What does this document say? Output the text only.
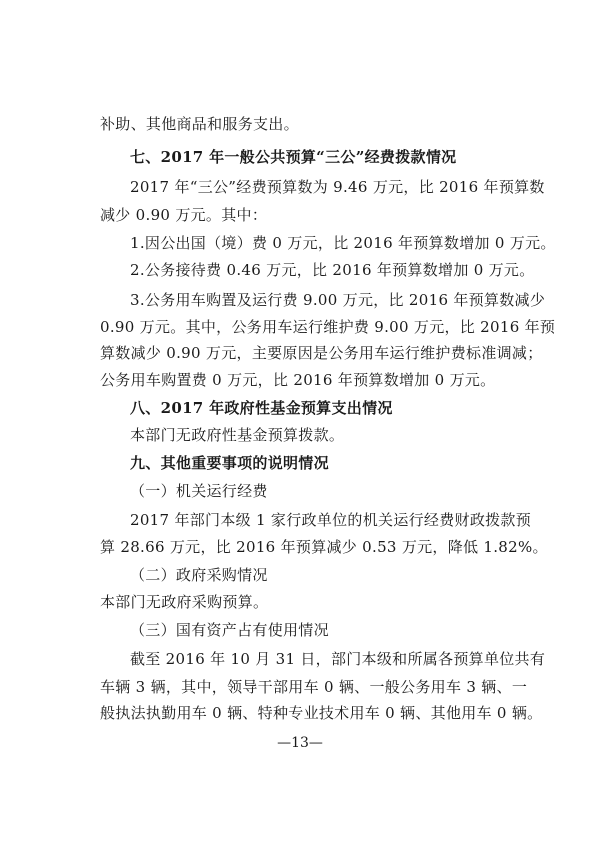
补助、其他商品和服务支出。
七、2017 年一般公共预算“三公”经费拨款情况
2017 年“三公”经费预算数为 9.46 万元，比 2016 年预算数
减少 0.90 万元。其中：
1.因公出国（境）费 0 万元，比 2016 年预算数增加 0 万元。
2.公务接待费 0.46 万元，比 2016 年预算数增加 0 万元。
3.公务用车购置及运行费 9.00 万元，比 2016 年预算数减少
0.90 万元。其中，公务用车运行维护费 9.00 万元，比 2016 年预
算数减少 0.90 万元，主要原因是公务用车运行维护费标准调减；
公务用车购置费 0 万元，比 2016 年预算数增加 0 万元。
八、2017 年政府性基金预算支出情况
本部门无政府性基金预算拨款。
九、其他重要事项的说明情况
（一）机关运行经费
2017 年部门本级 1 家行政单位的机关运行经费财政拨款预
算 28.66 万元，比 2016 年预算减少 0.53 万元，降低 1.82%。
（二）政府采购情况
本部门无政府采购预算。
（三）国有资产占有使用情况
截至 2016 年 10 月 31 日，部门本级和所属各预算单位共有
车辆 3 辆，其中，领导干部用车 0 辆、一般公务用车 3 辆、一
般执法执勤用车 0 辆、特种专业技术用车 0 辆、其他用车 0 辆。
—13—
